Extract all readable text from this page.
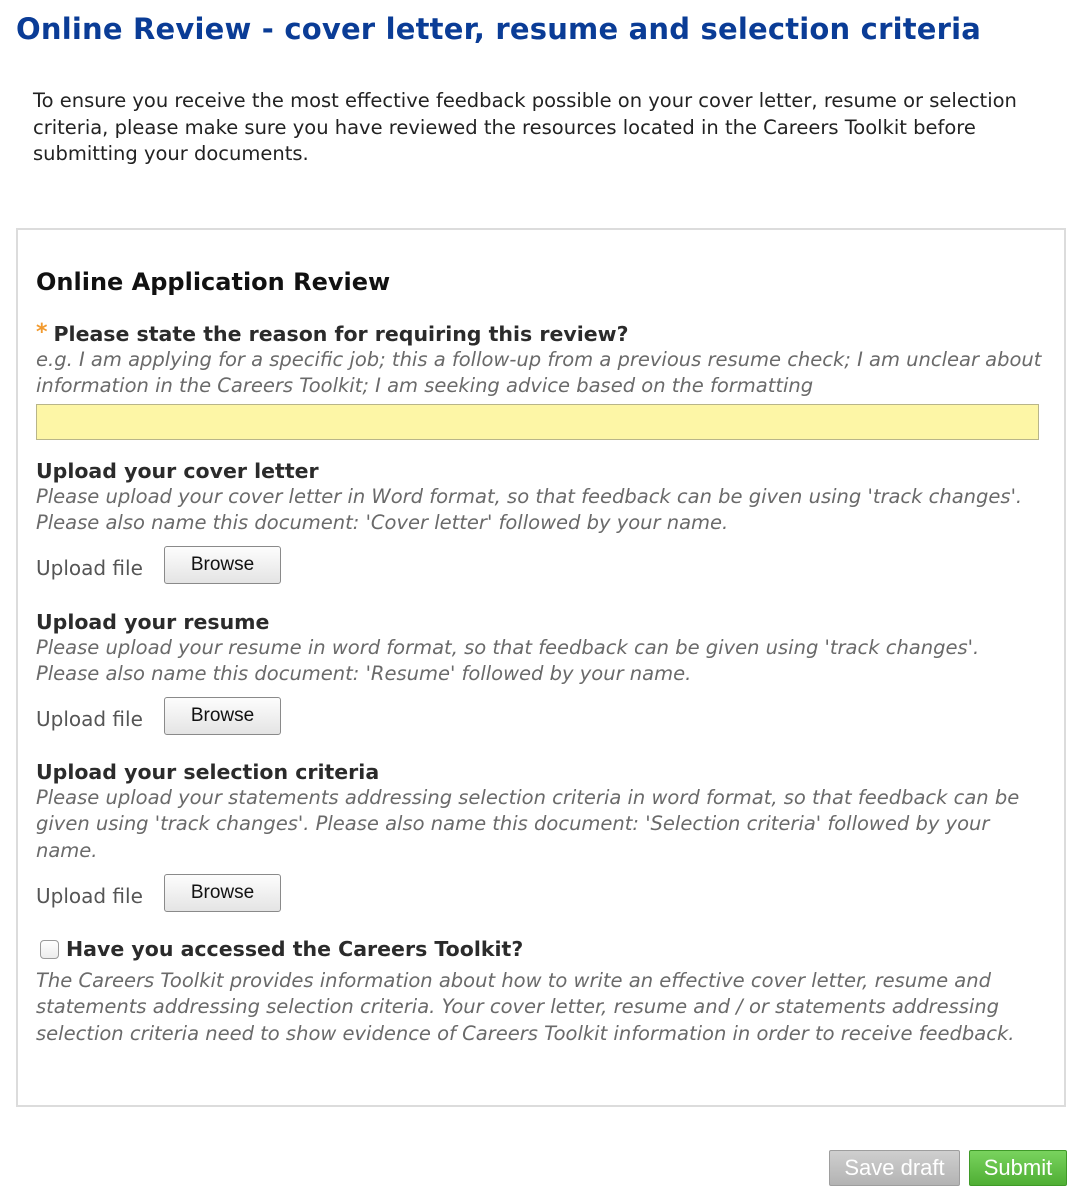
Online Review - cover letter, resume and selection criteria

To ensure you receive the most effective feedback possible on your cover letter, resume or selection criteria, please make sure you have reviewed the resources located in the Careers Toolkit before submitting your documents.

Online Application Review
* Please state the reason for requiring this review?

e.g. I am applying for a specific job; this a follow-up from a previous resume check; I am unclear about information in the Careers Toolkit; I am seeking advice based on the formatting

Upload your cover letter

Please upload your cover letter in Word format, so that feedback can be given using 'track changes'. Please also name this document: 'Cover letter' followed by your name.

Upload file	Browse
Upload your resume

Please upload your resume in word format, so that feedback can be given using 'track changes'. Please also name this document: 'Resume' followed by your name.

Upload file	Browse
Upload your selection criteria

Please upload your statements addressing selection criteria in word format, so that feedback can be given using 'track changes'. Please also name this document: 'Selection criteria' followed by your name.

Upload file	Browse
Have you accessed the Careers Toolkit?

The Careers Toolkit provides information about how to write an effective cover letter, resume and statements addressing selection criteria. Your cover letter, resume and / or statements addressing selection criteria need to show evidence of Careers Toolkit information in order to receive feedback.

Save draft	Submit
